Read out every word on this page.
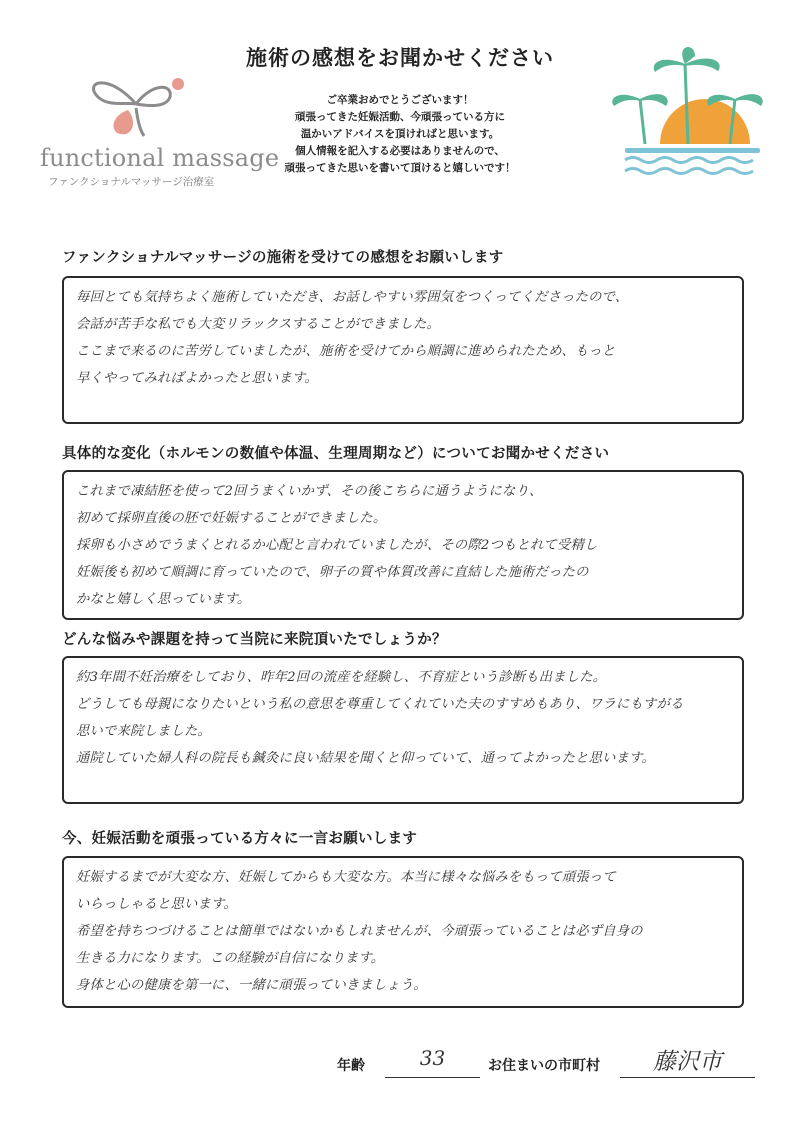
functional massage
ファンクショナルマッサージ治療室
施術の感想をお聞かせください
ご卒業おめでとうございます！
頑張ってきた妊娠活動、今頑張っている方に
温かいアドバイスを頂ければと思います。
個人情報を記入する必要はありませんので、
頑張ってきた思いを書いて頂けると嬉しいです！
ファンクショナルマッサージの施術を受けての感想をお願いします
毎回とても気持ちよく施術していただき、お話しやすい雰囲気をつくってくださったので、
会話が苦手な私でも大変リラックスすることができました。
ここまで来るのに苦労していましたが、施術を受けてから順調に進められたため、もっと
早くやってみればよかったと思います。
具体的な変化（ホルモンの数値や体温、生理周期など）についてお聞かせください
これまで凍結胚を使って2回うまくいかず、その後こちらに通うようになり、
初めて採卵直後の胚で妊娠することができました。
採卵も小さめでうまくとれるか心配と言われていましたが、その際2つもとれて受精し
妊娠後も初めて順調に育っていたので、卵子の質や体質改善に直結した施術だったの
かなと嬉しく思っています。
どんな悩みや課題を持って当院に来院頂いたでしょうか？
約3年間不妊治療をしており、昨年2回の流産を経験し、不育症という診断も出ました。
どうしても母親になりたいという私の意思を尊重してくれていた夫のすすめもあり、ワラにもすがる
思いで来院しました。
通院していた婦人科の院長も鍼灸に良い結果を聞くと仰っていて、通ってよかったと思います。
今、妊娠活動を頑張っている方々に一言お願いします
妊娠するまでが大変な方、妊娠してからも大変な方。本当に様々な悩みをもって頑張って
いらっしゃると思います。
希望を持ちつづけることは簡単ではないかもしれませんが、今頑張っていることは必ず自身の
生きる力になります。この経験が自信になります。
身体と心の健康を第一に、一緒に頑張っていきましょう。
年齢	33	お住まいの市町村	藤沢市
